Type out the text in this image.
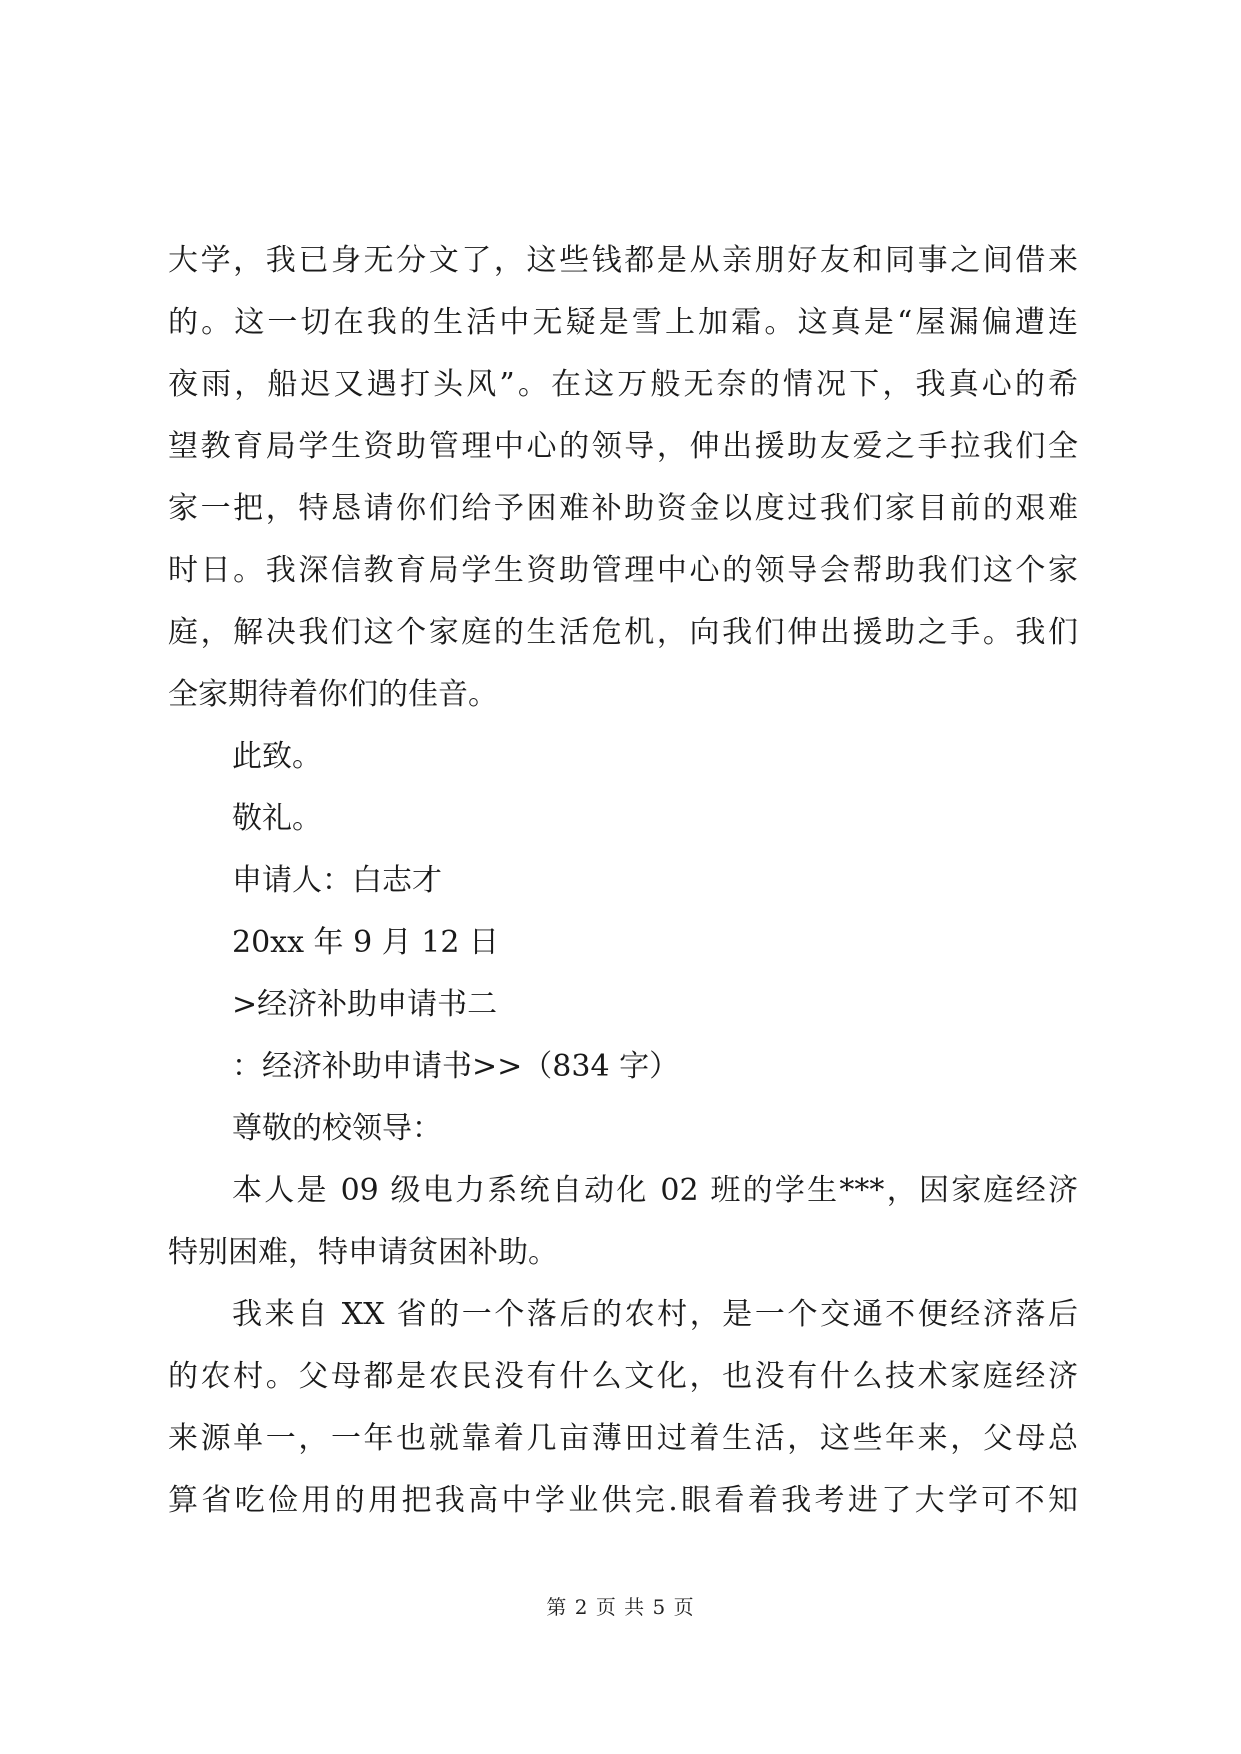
大学，我已身无分文了，这些钱都是从亲朋好友和同事之间借来
的。这一切在我的生活中无疑是雪上加霜。这真是“屋漏偏遭连
夜雨，船迟又遇打头风”。在这万般无奈的情况下，我真心的希
望教育局学生资助管理中心的领导，伸出援助友爱之手拉我们全
家一把，特恳请你们给予困难补助资金以度过我们家目前的艰难
时日。我深信教育局学生资助管理中心的领导会帮助我们这个家
庭，解决我们这个家庭的生活危机，向我们伸出援助之手。我们
全家期待着你们的佳音。
此致。
敬礼。
申请人：白志才
20xx 年 9 月 12 日
>经济补助申请书二
：经济补助申请书>>（834 字）
尊敬的校领导：
本人是 09 级电力系统自动化 02 班的学生***，因家庭经济
特别困难，特申请贫困补助。
我来自 XX 省的一个落后的农村，是一个交通不便经济落后
的农村。父母都是农民没有什么文化，也没有什么技术家庭经济
来源单一，一年也就靠着几亩薄田过着生活，这些年来，父母总
算省吃俭用的用把我高中学业供完.眼看着我考进了大学可不知
第 2 页 共 5 页
